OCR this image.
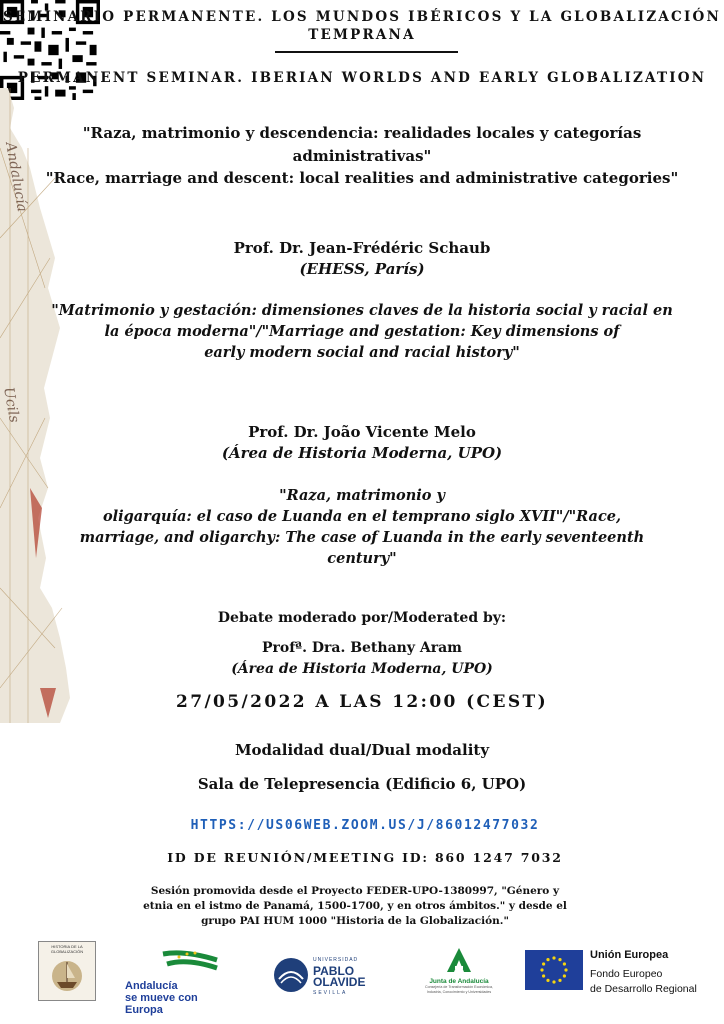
SEMINARIO PERMANENTE. LOS MUNDOS IBÉRICOS Y LA GLOBALIZACIÓN
TEMPRANA
PERMANENT SEMINAR. IBERIAN WORLDS AND EARLY GLOBALIZATION
Andalucía
Ucils
"Raza, matrimonio y descendencia: realidades locales y categorías
administrativas"
"Race, marriage and descent: local realities and administrative categories"
Prof. Dr. Jean-Frédéric Schaub
(EHESS, París)
"Matrimonio y gestación: dimensiones claves de la historia social y racial en
la época moderna"/"Marriage and gestation: Key dimensions of
early modern social and racial history"
Prof. Dr. João Vicente Melo
(Área de Historia Moderna, UPO)
"Raza, matrimonio y
oligarquía: el caso de Luanda en el temprano siglo XVII"/"Race,
marriage, and oligarchy: The case of Luanda in the early seventeenth
century"
Debate moderado por/Moderated by:
Profª. Dra. Bethany Aram
(Área de Historia Moderna, UPO)
27/05/2022 A LAS 12:00 (CEST)
Modalidad dual/Dual modality
Sala de Telepresencia (Edificio 6, UPO)
HTTPS://US06WEB.ZOOM.US/J/86012477032
ID DE REUNIÓN/MEETING ID: 860 1247 7032
Sesión promovida desde el Proyecto FEDER-UPO-1380997, "Género y
etnia en el istmo de Panamá, 1500-1700, y en otros ámbitos." y desde el
grupo PAI HUM 1000 "Historia de la Globalización."
HISTORIA DE LA GLOBALIZACIÓN
Andalucía
se mueve con Europa
UNIVERSIDAD
PABLO
OLAVIDE
SEVILLA
Junta de Andalucía
Consejería de Transformación Económica, Industria, Conocimiento y Universidades
Unión Europea
Fondo Europeo
de Desarrollo Regional
